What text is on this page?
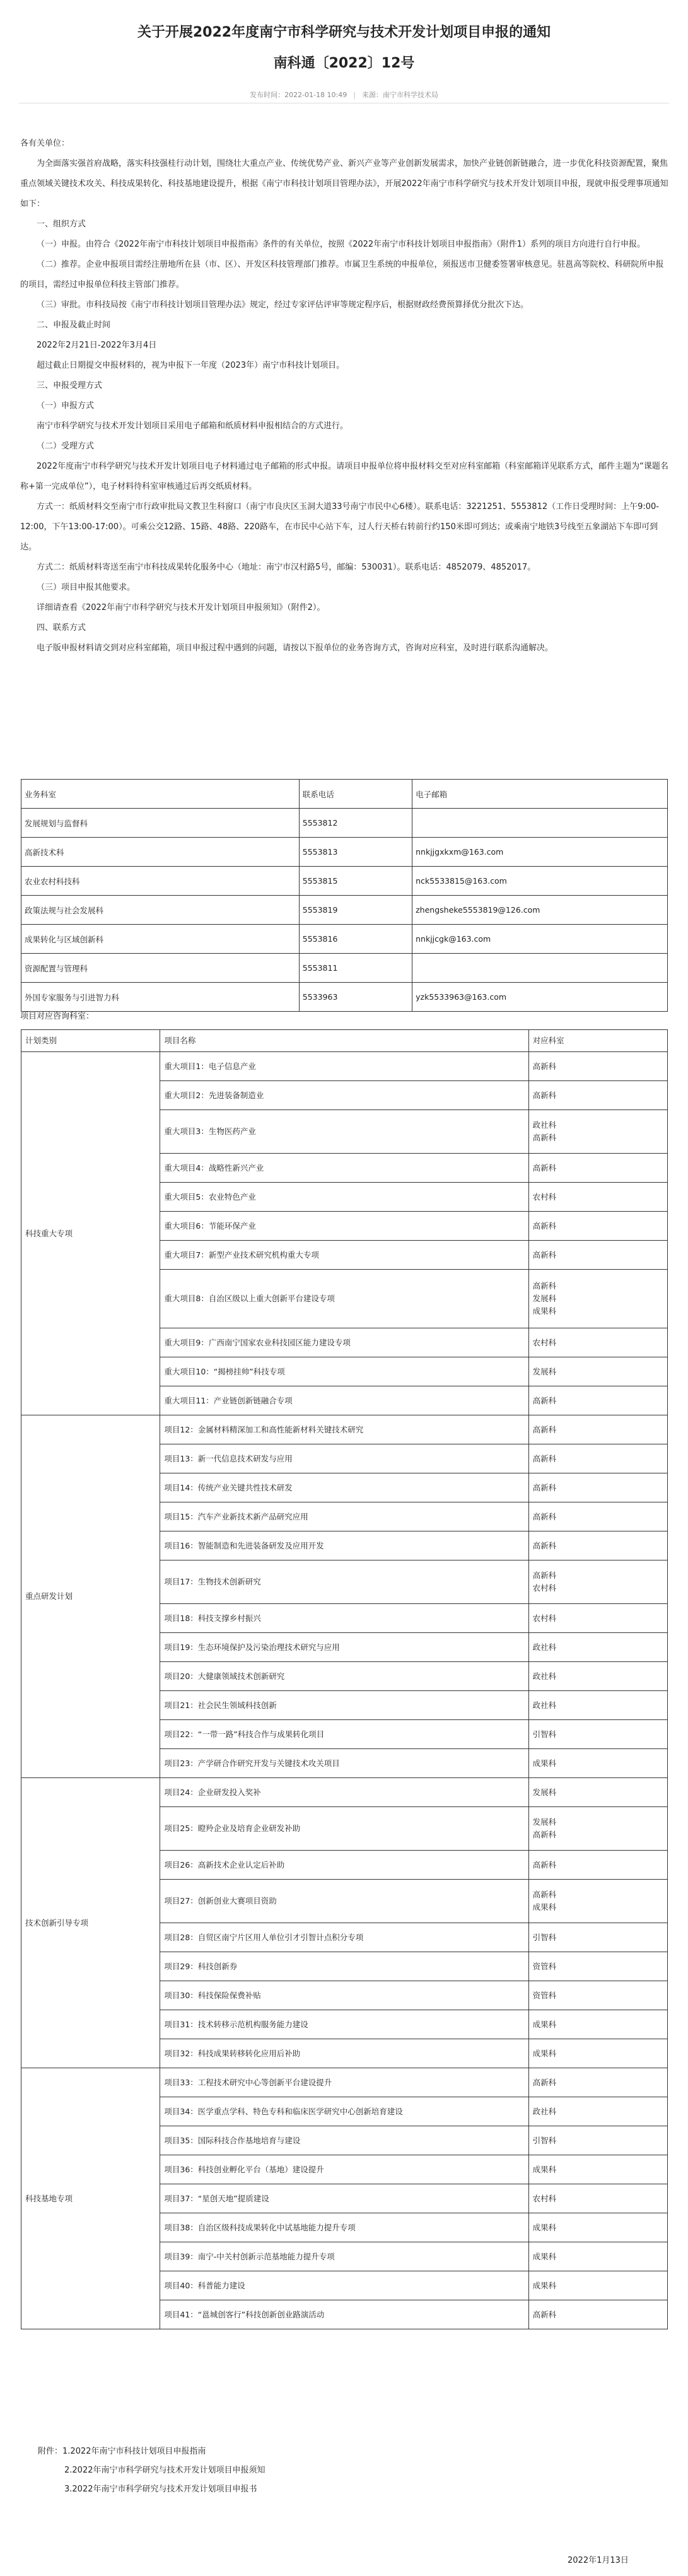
关于开展2022年度南宁市科学研究与技术开发计划项目申报的通知
南科通〔2022〕12号
发布时间：2022-01-18 10:49 | 来源：南宁市科学技术局

各有关单位：

为全面落实强首府战略，落实科技强桂行动计划，围绕壮大重点产业、传统优势产业、新兴产业等产业创新发展需求，加快产业链创新链融合，进一步优化科技资源配置，聚焦重点领域关键技术攻关、科技成果转化、科技基地建设提升，根据《南宁市科技计划项目管理办法》，开展2022年南宁市科学研究与技术开发计划项目申报，现就申报受理事项通知如下：

一、组织方式

（一）申报。由符合《2022年南宁市科技计划项目申报指南》条件的有关单位，按照《2022年南宁市科技计划项目申报指南》（附件1）系列的项目方向进行自行申报。

（二）推荐。企业申报项目需经注册地所在县（市、区）、开发区科技管理部门推荐。市属卫生系统的申报单位，须报送市卫健委签署审核意见。驻邕高等院校、科研院所申报的项目，需经过申报单位科技主管部门推荐。

（三）审批。市科技局按《南宁市科技计划项目管理办法》规定，经过专家评估评审等规定程序后，根据财政经费预算择优分批次下达。

二、申报及截止时间

2022年2月21日-2022年3月4日

超过截止日期提交申报材料的，视为申报下一年度（2023年）南宁市科技计划项目。

三、申报受理方式

（一）申报方式

南宁市科学研究与技术开发计划项目采用电子邮箱和纸质材料申报相结合的方式进行。

（二）受理方式

2022年度南宁市科学研究与技术开发计划项目电子材料通过电子邮箱的形式申报。请项目申报单位将申报材料交至对应科室邮箱（科室邮箱详见联系方式，邮件主题为“课题名称+第一完成单位”），电子材料待科室审核通过后再交纸质材料。

方式一：纸质材料交至南宁市行政审批局文教卫生科窗口（南宁市良庆区玉洞大道33号南宁市民中心6楼）。联系电话：3221251、5553812（工作日受理时间：上午9:00-12:00，下午13:00-17:00）。可乘公交12路、15路、48路、220路车，在市民中心站下车，过人行天桥右转前行约150米即可到达；或乘南宁地铁3号线至五象湖站下车即可到达。

方式二：纸质材料寄送至南宁市科技成果转化服务中心（地址：南宁市汉村路5号，邮编：530031）。联系电话：4852079、4852017。

（三）项目申报其他要求。

详细请查看《2022年南宁市科学研究与技术开发计划项目申报须知》（附件2）。

四、联系方式

电子版申报材料请交到对应科室邮箱，项目申报过程中遇到的问题，请按以下报单位的业务咨询方式，咨询对应科室，及时进行联系沟通解决。

业务科室	联系电话	电子邮箱
发展规划与监督科	5553812	
高新技术科	5553813	nnkjjgxkxm@163.com
农业农村科技科	5553815	nck5533815@163.com
政策法规与社会发展科	5553819	zhengsheke5553819@126.com
成果转化与区域创新科	5553816	nnkjjcgk@163.com
资源配置与管理科	5553811	
外国专家服务与引进智力科	5533963	yzk5533963@163.com
项目对应咨询科室：
计划类别	项目名称	对应科室
科技重大专项	重大项目1：电子信息产业	高新科

	重大项目2：先进装备制造业	高新科

	重大项目3：生物医药产业	政社科
高新科

	重大项目4：战略性新兴产业	高新科

	重大项目5：农业特色产业	农村科

	重大项目6：节能环保产业	高新科

	重大项目7：新型产业技术研究机构重大专项	高新科

	重大项目8：自治区级以上重大创新平台建设专项	高新科
发展科
成果科

	重大项目9：广西南宁国家农业科技园区能力建设专项	农村科

	重大项目10：“揭榜挂帅”科技专项	发展科

	重大项目11：产业链创新链融合专项	高新科

重点研发计划	项目12：金属材料精深加工和高性能新材料关键技术研究	高新科

	项目13：新一代信息技术研发与应用	高新科

	项目14：传统产业关键共性技术研发	高新科

	项目15：汽车产业新技术新产品研究应用	高新科

	项目16：智能制造和先进装备研发及应用开发	高新科

	项目17：生物技术创新研究	高新科
农村科

	项目18：科技支撑乡村振兴	农村科

	项目19：生态环境保护及污染治理技术研究与应用	政社科

	项目20：大健康领域技术创新研究	政社科

	项目21：社会民生领域科技创新	政社科

	项目22：“一带一路”科技合作与成果转化项目	引智科

	项目23：产学研合作研究开发与关键技术攻关项目	成果科

技术创新引导专项	项目24：企业研发投入奖补	发展科

	项目25：瞪羚企业及培育企业研发补助	发展科
高新科

	项目26：高新技术企业认定后补助	高新科

	项目27：创新创业大赛项目资助	高新科
成果科

	项目28：自贸区南宁片区用人单位引才引智计点积分专项	引智科

	项目29：科技创新券	资管科

	项目30：科技保险保费补贴	资管科

	项目31：技术转移示范机构服务能力建设	成果科

	项目32：科技成果转移转化应用后补助	成果科

科技基地专项	项目33：工程技术研究中心等创新平台建设提升	高新科

	项目34：医学重点学科、特色专科和临床医学研究中心创新培育建设	政社科

	项目35：国际科技合作基地培育与建设	引智科

	项目36：科技创业孵化平台（基地）建设提升	成果科

	项目37：“星创天地”提质建设	农村科

	项目38：自治区级科技成果转化中试基地能力提升专项	成果科

	项目39：南宁-中关村创新示范基地能力提升专项	成果科

	项目40：科普能力建设	成果科

	项目41：“邕城创客行”科技创新创业路演活动	高新科
附件：1.2022年南宁市科技计划项目申报指南
2.2022年南宁市科学研究与技术开发计划项目申报须知
3.2022年南宁市科学研究与技术开发计划项目申报书
2022年1月13日
